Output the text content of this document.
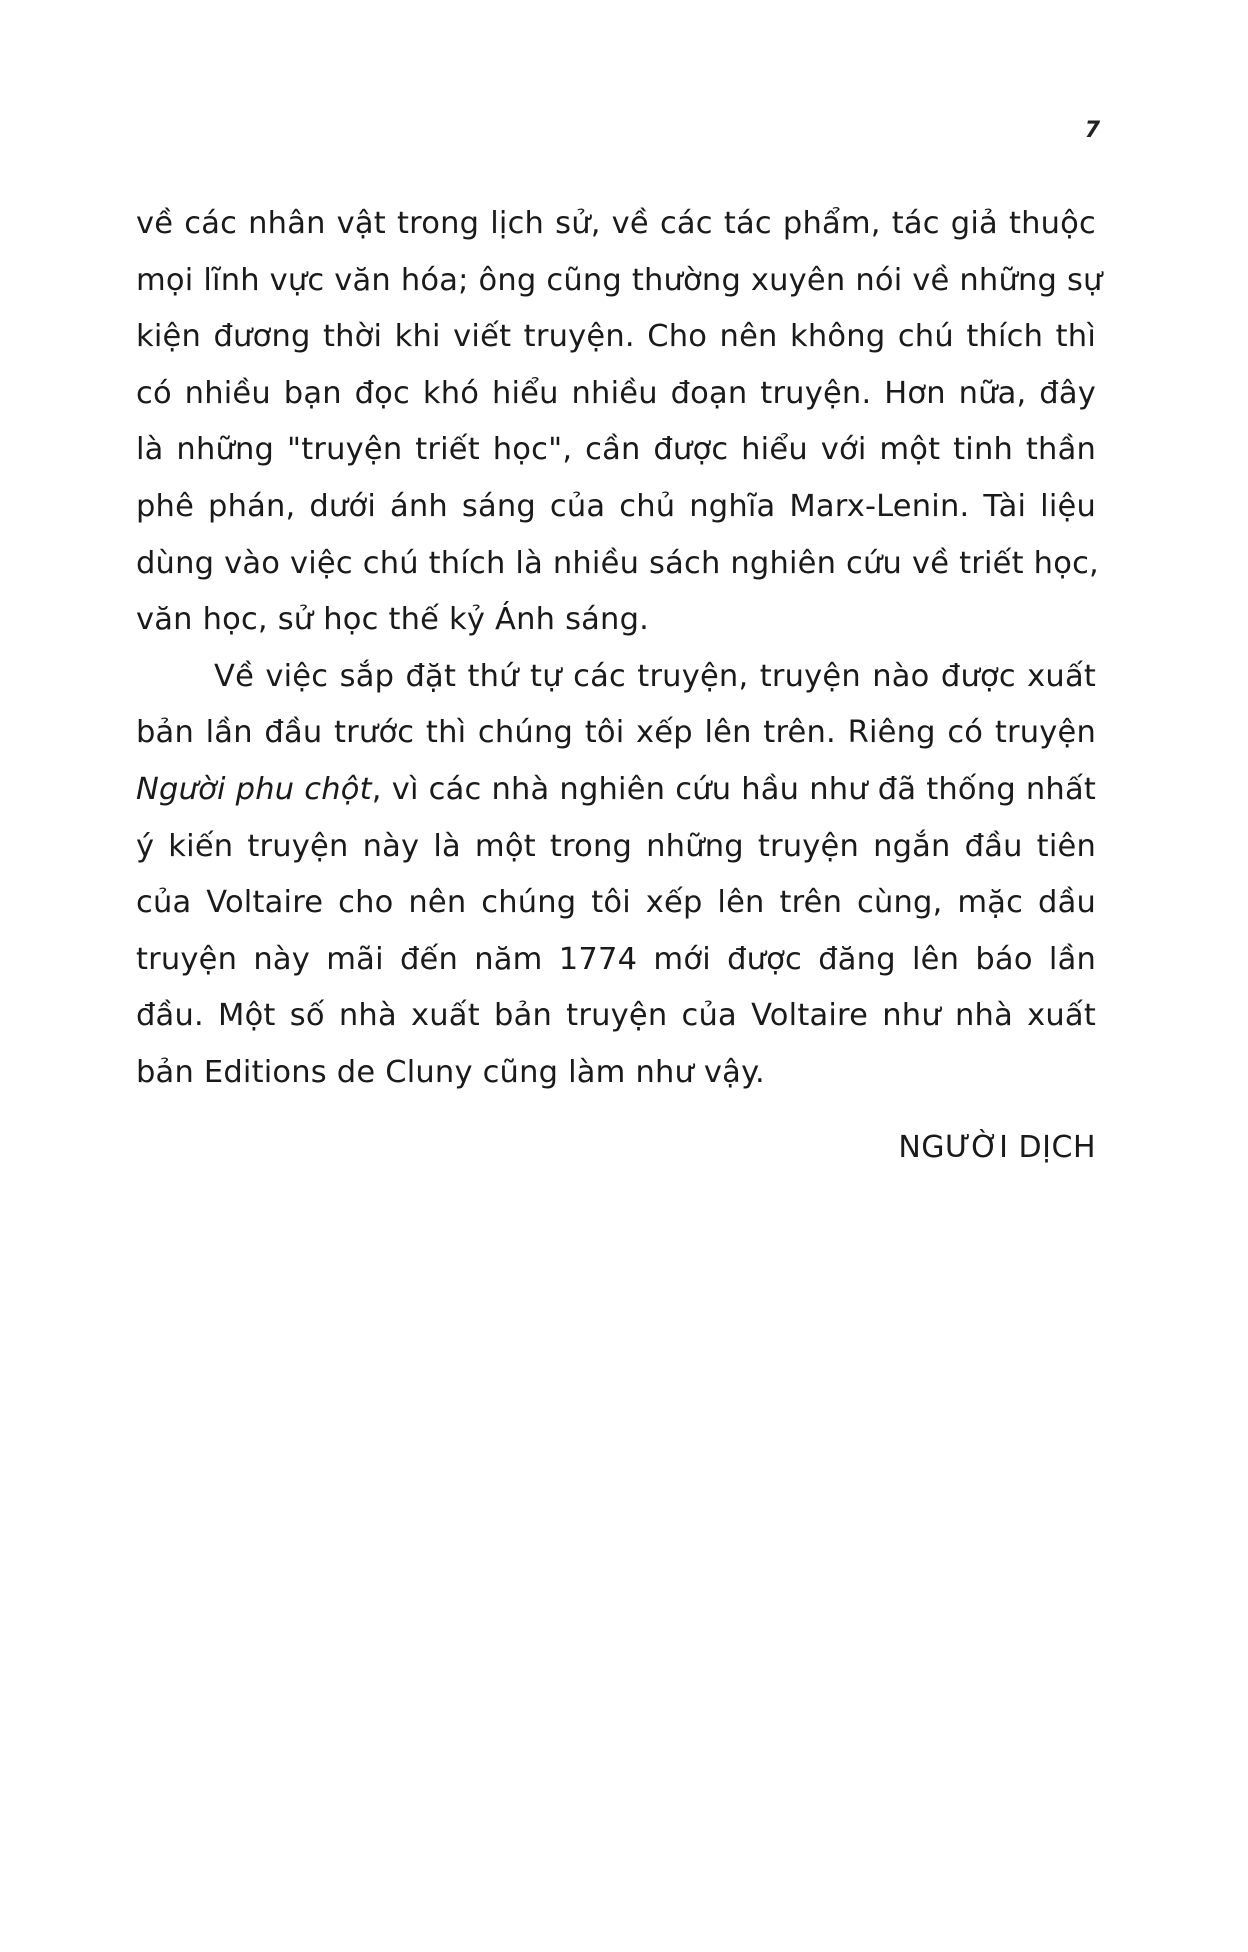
7
về các nhân vật trong lịch sử, về các tác phẩm, tác giả thuộc
mọi lĩnh vực văn hóa; ông cũng thường xuyên nói về những sự
kiện đương thời khi viết truyện. Cho nên không chú thích thì
có nhiều bạn đọc khó hiểu nhiều đoạn truyện. Hơn nữa, đây
là những "truyện triết học", cần được hiểu với một tinh thần
phê phán, dưới ánh sáng của chủ nghĩa Marx-Lenin. Tài liệu
dùng vào việc chú thích là nhiều sách nghiên cứu về triết học,
văn học, sử học thế kỷ Ánh sáng.
Về việc sắp đặt thứ tự các truyện, truyện nào được xuất
bản lần đầu trước thì chúng tôi xếp lên trên. Riêng có truyện
Người phu chột, vì các nhà nghiên cứu hầu như đã thống nhất
ý kiến truyện này là một trong những truyện ngắn đầu tiên
của Voltaire cho nên chúng tôi xếp lên trên cùng, mặc dầu
truyện này mãi đến năm 1774 mới được đăng lên báo lần
đầu. Một số nhà xuất bản truyện của Voltaire như nhà xuất
bản Editions de Cluny cũng làm như vậy.
NGƯỜI DỊCH
